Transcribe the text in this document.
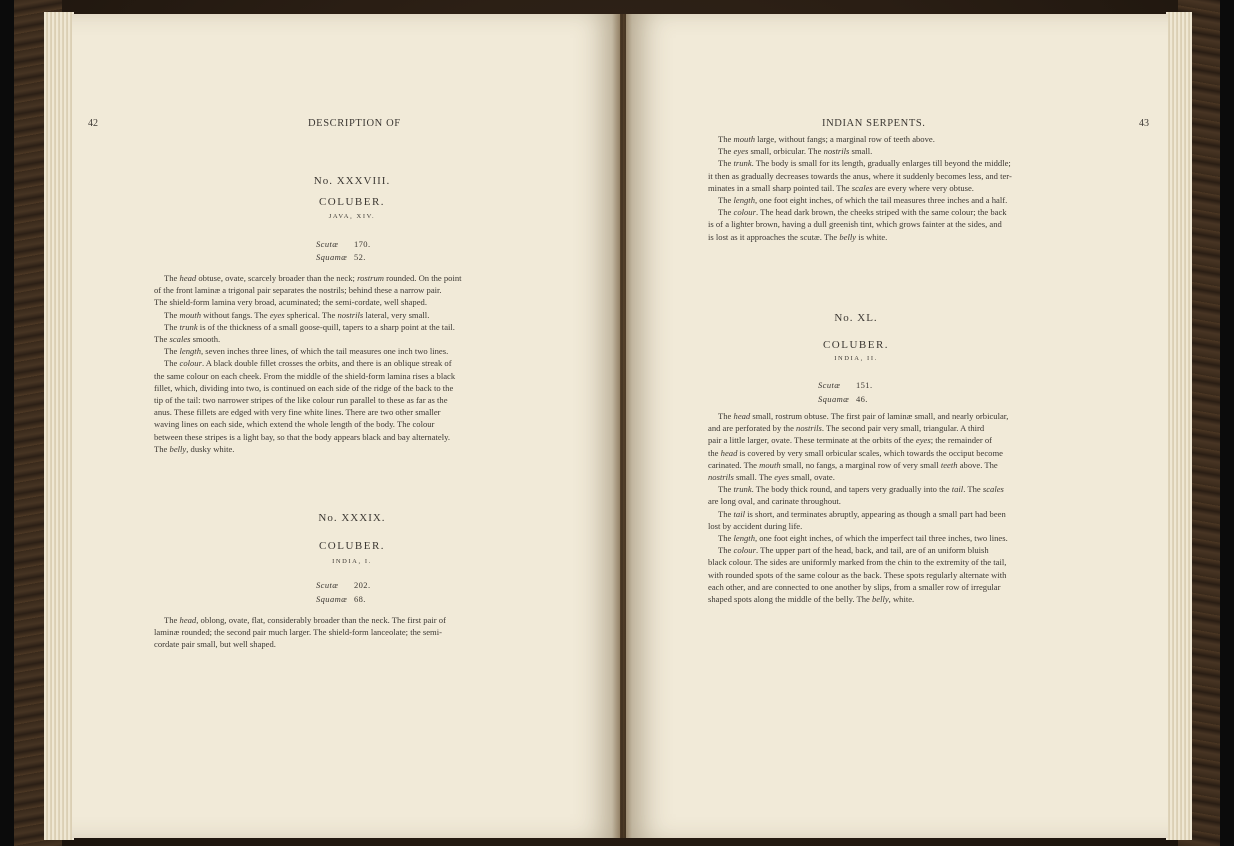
42	DESCRIPTION OF
No. XXXVIII.
COLUBER.
JAVA, XIV.
Scutæ 170.
Squamæ 52.
The head obtuse, ovate, scarcely broader than the neck; rostrum rounded. On the point
of the front laminæ a trigonal pair separates the nostrils; behind these a narrow pair.
The shield-form lamina very broad, acuminated; the semi-cordate, well shaped.
The mouth without fangs. The eyes spherical. The nostrils lateral, very small.
The trunk is of the thickness of a small goose-quill, tapers to a sharp point at the tail.
The scales smooth.
The length, seven inches three lines, of which the tail measures one inch two lines.
The colour. A black double fillet crosses the orbits, and there is an oblique streak of
the same colour on each cheek. From the middle of the shield-form lamina rises a black
fillet, which, dividing into two, is continued on each side of the ridge of the back to the
tip of the tail: two narrower stripes of the like colour run parallel to these as far as the
anus. These fillets are edged with very fine white lines. There are two other smaller
waving lines on each side, which extend the whole length of the body. The colour
between these stripes is a light bay, so that the body appears black and bay alternately.
The belly, dusky white.
No. XXXIX.
COLUBER.
INDIA, I.
Scutæ 202.
Squamæ 68.
The head, oblong, ovate, flat, considerably broader than the neck. The first pair of
laminæ rounded; the second pair much larger. The shield-form lanceolate; the semi-
cordate pair small, but well shaped.
INDIAN SERPENTS.	43
The mouth large, without fangs; a marginal row of teeth above.
The eyes small, orbicular. The nostrils small.
The trunk. The body is small for its length, gradually enlarges till beyond the middle;
it then as gradually decreases towards the anus, where it suddenly becomes less, and ter-
minates in a small sharp pointed tail. The scales are every where very obtuse.
The length, one foot eight inches, of which the tail measures three inches and a half.
The colour. The head dark brown, the cheeks striped with the same colour; the back
is of a lighter brown, having a dull greenish tint, which grows fainter at the sides, and
is lost as it approaches the scutæ. The belly is white.
No. XL.
COLUBER.
INDIA, II.
Scutæ 151.
Squamæ 46.
The head small, rostrum obtuse. The first pair of laminæ small, and nearly orbicular,
and are perforated by the nostrils. The second pair very small, triangular. A third
pair a little larger, ovate. These terminate at the orbits of the eyes; the remainder of
the head is covered by very small orbicular scales, which towards the occiput become
carinated. The mouth small, no fangs, a marginal row of very small teeth above. The
nostrils small. The eyes small, ovate.
The trunk. The body thick round, and tapers very gradually into the tail. The scales
are long oval, and carinate throughout.
The tail is short, and terminates abruptly, appearing as though a small part had been
lost by accident during life.
The length, one foot eight inches, of which the imperfect tail three inches, two lines.
The colour. The upper part of the head, back, and tail, are of an uniform bluish
black colour. The sides are uniformly marked from the chin to the extremity of the tail,
with rounded spots of the same colour as the back. These spots regularly alternate with
each other, and are connected to one another by slips, from a smaller row of irregular
shaped spots along the middle of the belly. The belly, white.
